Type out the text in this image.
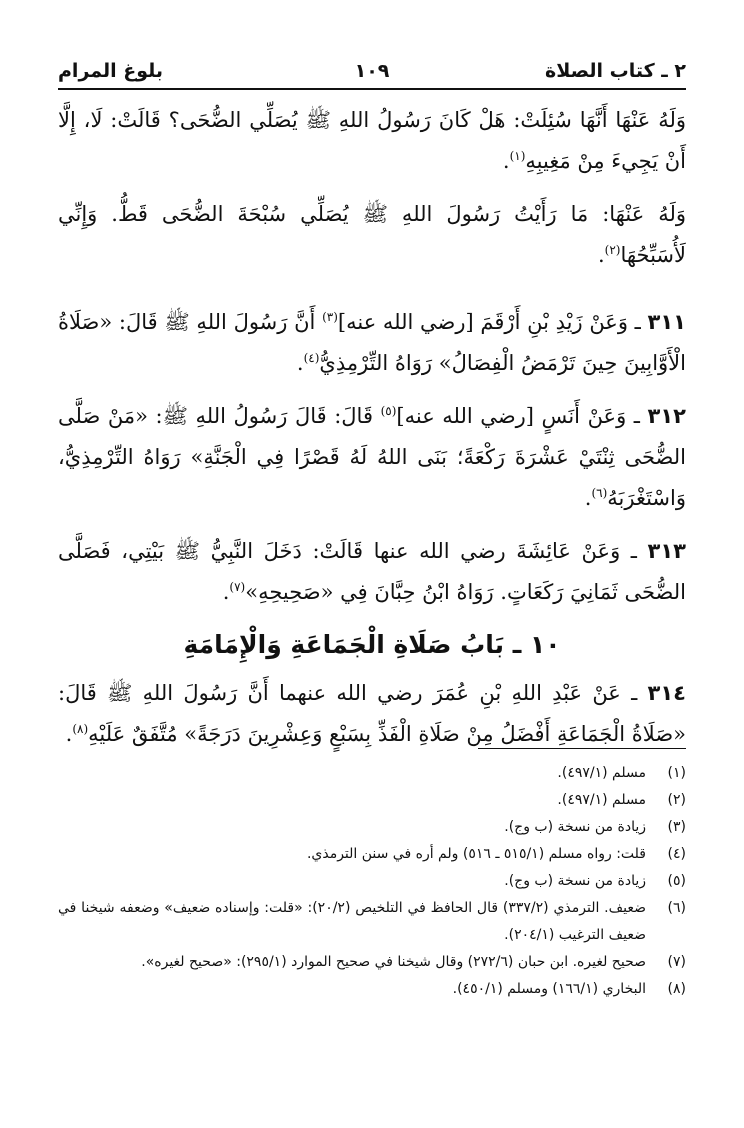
٢ ـ كتاب الصلاة
١٠٩
بلوغ المرام

وَلَهُ عَنْهَا أَنَّهَا سُئِلَتْ: هَلْ كَانَ رَسُولُ اللهِ ﷺ يُصَلِّي الضُّحَى؟ قَالَتْ: لَا، إِلَّا أَنْ يَجِيءَ مِنْ مَغِيبِهِ$^{(١)}$.

وَلَهُ عَنْهَا: مَا رَأَيْتُ رَسُولَ اللهِ ﷺ يُصَلِّي سُبْحَةَ الضُّحَى قَطُّ. وَإِنِّي لَأُسَبِّحُهَا$^{(٢)}$.

٣١١ ـ وَعَنْ زَيْدِ بْنِ أَرْقَمَ [رضي الله عنه]$^{(٣)}$ أَنَّ رَسُولَ اللهِ ﷺ قَالَ: «صَلَاةُ الْأَوَّابِينَ حِينَ تَرْمَضُ الْفِصَالُ» رَوَاهُ التِّرْمِذِيُّ$^{(٤)}$.

٣١٢ ـ وَعَنْ أَنَسٍ [رضي الله عنه]$^{(٥)}$ قَالَ: قَالَ رَسُولُ اللهِ ﷺ: «مَنْ صَلَّى الضُّحَى ثِنْتَيْ عَشْرَةَ رَكْعَةً؛ بَنَى اللهُ لَهُ قَصْرًا فِي الْجَنَّةِ» رَوَاهُ التِّرْمِذِيُّ، وَاسْتَغْرَبَهُ$^{(٦)}$.

٣١٣ ـ وَعَنْ عَائِشَةَ رضي الله عنها قَالَتْ: دَخَلَ النَّبِيُّ ﷺ بَيْتِي، فَصَلَّى الضُّحَى ثَمَانِيَ رَكَعَاتٍ. رَوَاهُ ابْنُ حِبَّانَ فِي «صَحِيحِهِ»$^{(٧)}$.

١٠ ـ بَابُ صَلَاةِ الْجَمَاعَةِ وَالْإِمَامَةِ

٣١٤ ـ عَنْ عَبْدِ اللهِ بْنِ عُمَرَ رضي الله عنهما أَنَّ رَسُولَ اللهِ ﷺ قَالَ: «صَلَاةُ الْجَمَاعَةِ أَفْضَلُ مِنْ صَلَاةِ الْفَذِّ بِسَبْعٍ وَعِشْرِينَ دَرَجَةً» مُتَّفَقٌ عَلَيْهِ$^{(٨)}$.

(١)
مسلم (٤٩٧/١).
(٢)
مسلم (٤٩٧/١).
(٣)
زيادة من نسخة (ب وج).
(٤)
قلت: رواه مسلم (٥١٥/١ ـ ٥١٦) ولم أره في سنن الترمذي.
(٥)
زيادة من نسخة (ب وج).
(٦)
ضعيف. الترمذي (٣٣٧/٢) قال الحافظ في التلخيص (٢٠/٢): «قلت: وإسناده ضعيف» وضعفه شيخنا في ضعيف الترغيب (٢٠٤/١).
(٧)
صحيح لغيره. ابن حبان (٢٧٢/٦) وقال شيخنا في صحيح الموارد (٢٩٥/١): «صحيح لغيره».
(٨)
البخاري (١٦٦/١) ومسلم (٤٥٠/١).
